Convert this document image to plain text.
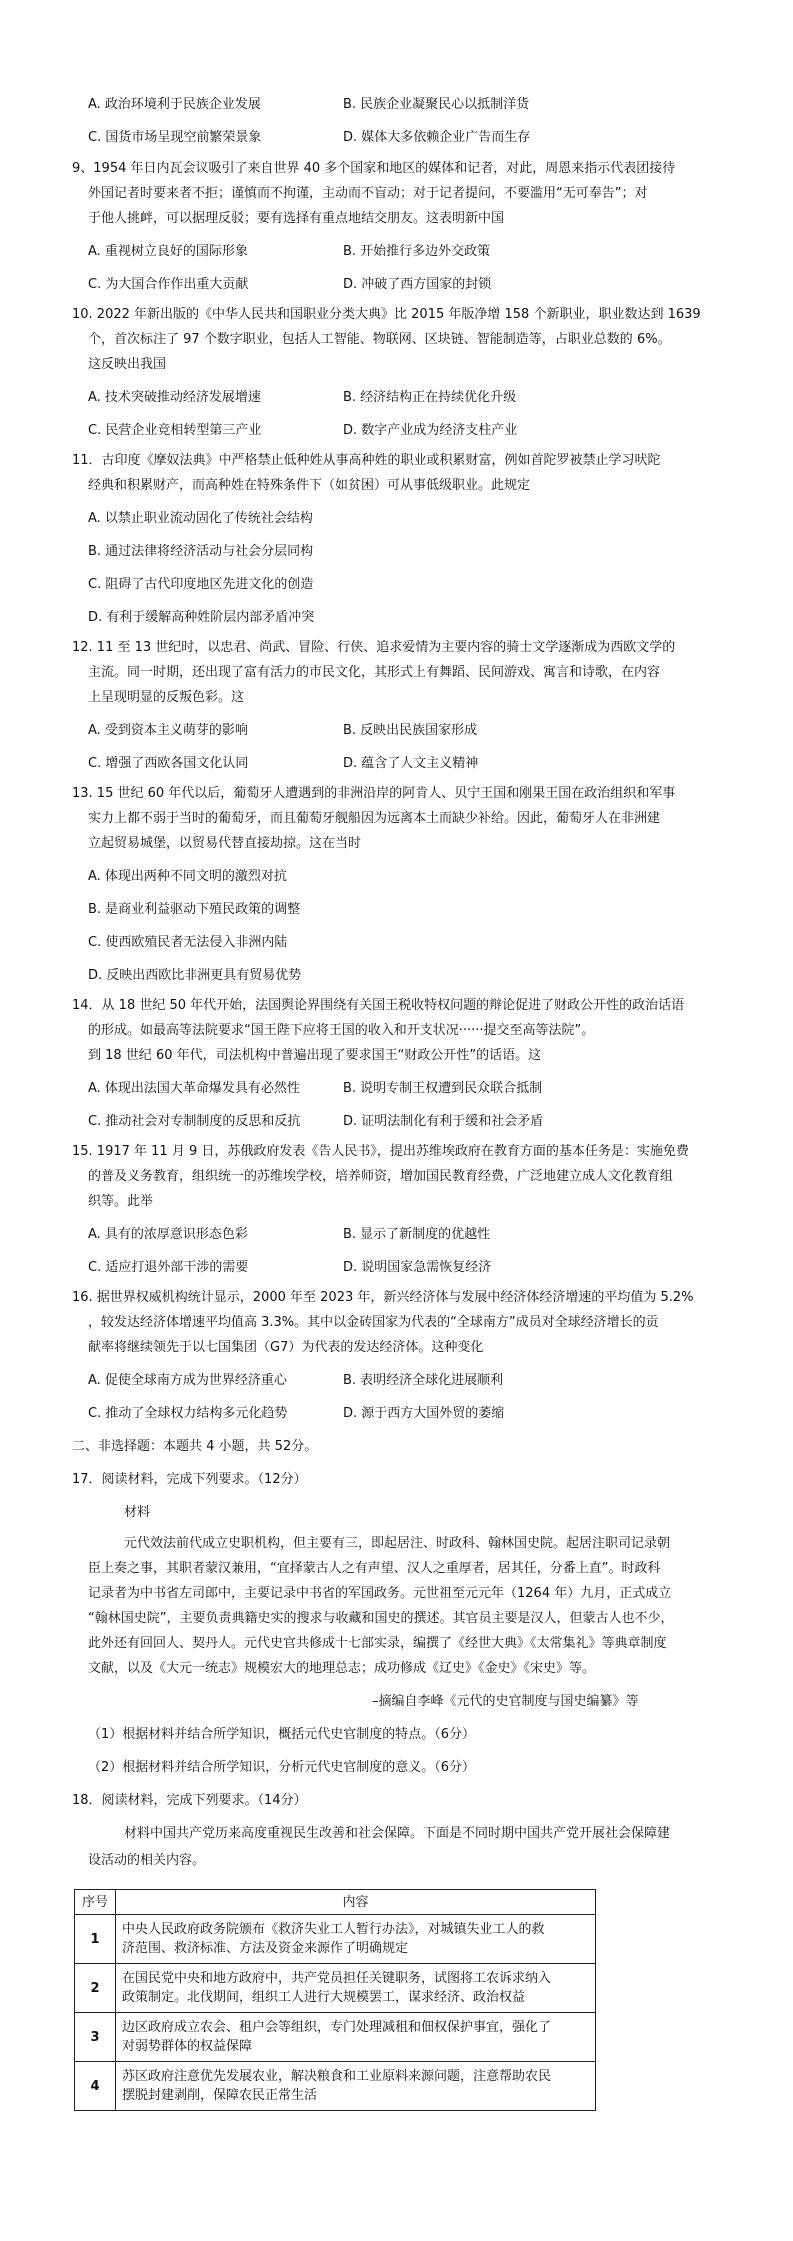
A. 政治环境利于民族企业发展	B. 民族企业凝聚民心以抵制洋货
C. 国货市场呈现空前繁荣景象	D. 媒体大多依赖企业广告而生存
9、1954 年日内瓦会议吸引了来自世界 40 多个国家和地区的媒体和记者，对此，周恩来指示代表团接待
外国记者时要来者不拒；谨慎而不拘谨，主动而不盲动；对于记者提问，不要滥用“无可奉告”；对
于他人挑衅，可以据理反驳；要有选择有重点地结交朋友。这表明新中国
A. 重视树立良好的国际形象	B. 开始推行多边外交政策
C. 为大国合作作出重大贡献	D. 冲破了西方国家的封锁
10. 2022 年新出版的《中华人民共和国职业分类大典》比 2015 年版净增 158 个新职业，职业数达到 1639
个，首次标注了 97 个数字职业，包括人工智能、物联网、区块链、智能制造等，占职业总数的 6%。
这反映出我国
A. 技术突破推动经济发展增速	B. 经济结构正在持续优化升级
C. 民营企业竞相转型第三产业	D. 数字产业成为经济支柱产业
11．古印度《摩奴法典》中严格禁止低种姓从事高种姓的职业或积累财富，例如首陀罗被禁止学习吠陀
经典和积累财产，而高种姓在特殊条件下（如贫困）可从事低级职业。此规定
A. 以禁止职业流动固化了传统社会结构
B. 通过法律将经济活动与社会分层同构
C. 阻碍了古代印度地区先进文化的创造
D. 有利于缓解高种姓阶层内部矛盾冲突
12. 11 至 13 世纪时，以忠君、尚武、冒险、行侠、追求爱情为主要内容的骑士文学逐渐成为西欧文学的
主流。同一时期，还出现了富有活力的市民文化，其形式上有舞蹈、民间游戏、寓言和诗歌，在内容
上呈现明显的反叛色彩。这
A. 受到资本主义萌芽的影响	B. 反映出民族国家形成
C. 增强了西欧各国文化认同	D. 蕴含了人文主义精神
13. 15 世纪 60 年代以后，葡萄牙人遭遇到的非洲沿岸的阿肯人、贝宁王国和刚果王国在政治组织和军事
实力上都不弱于当时的葡萄牙，而且葡萄牙舰船因为远离本土而缺少补给。因此，葡萄牙人在非洲建
立起贸易城堡，以贸易代替直接劫掠。这在当时
A. 体现出两种不同文明的激烈对抗
B. 是商业利益驱动下殖民政策的调整
C. 使西欧殖民者无法侵入非洲内陆
D. 反映出西欧比非洲更具有贸易优势
14．从 18 世纪 50 年代开始，法国舆论界围绕有关国王税收特权问题的辩论促进了财政公开性的政治话语
的形成。如最高等法院要求“国王陛下应将王国的收入和开支状况······提交至高等法院”。
到 18 世纪 60 年代，司法机构中普遍出现了要求国王“财政公开性”的话语。这
A. 体现出法国大革命爆发具有必然性	B. 说明专制王权遭到民众联合抵制
C. 推动社会对专制制度的反思和反抗	D. 证明法制化有利于缓和社会矛盾
15. 1917 年 11 月 9 日，苏俄政府发表《告人民书》，提出苏维埃政府在教育方面的基本任务是：实施免费
的普及义务教育，组织统一的苏维埃学校，培养师资，增加国民教育经费，广泛地建立成人文化教育组
织等。此举
A. 具有的浓厚意识形态色彩	B. 显示了新制度的优越性
C. 适应打退外部干涉的需要	D. 说明国家急需恢复经济
16. 据世界权威机构统计显示，2000 年至 2023 年，新兴经济体与发展中经济体经济增速的平均值为 5.2%
，较发达经济体增速平均值高 3.3%。其中以金砖国家为代表的“全球南方”成员对全球经济增长的贡
献率将继续领先于以七国集团（G7）为代表的发达经济体。这种变化
A. 促使全球南方成为世界经济重心	B. 表明经济全球化进展顺利
C. 推动了全球权力结构多元化趋势	D. 源于西方大国外贸的萎缩
二、非选择题：本题共 4 小题，共 52分。
17．阅读材料，完成下列要求。（12分）
材料
元代效法前代成立史职机构，但主要有三，即起居注、时政科、翰林国史院。起居注职司记录朝
臣上奏之事，其职者蒙汉兼用，“宜择蒙古人之有声望、汉人之重厚者，居其任，分番上直”。时政科
记录者为中书省左司郎中，主要记录中书省的军国政务。元世祖至元元年（1264 年）九月，正式成立
“翰林国史院”，主要负责典籍史实的搜求与收藏和国史的撰述。其官员主要是汉人，但蒙古人也不少，
此外还有回回人、契丹人。元代史官共修成十七部实录，编撰了《经世大典》《太常集礼》等典章制度
文献，以及《大元一统志》规模宏大的地理总志；成功修成《辽史》《金史》《宋史》等。
–摘编自李峰《元代的史官制度与国史编纂》等
（1）根据材料并结合所学知识，概括元代史官制度的特点。（6分）
（2）根据材料并结合所学知识，分析元代史官制度的意义。（6分）
18．阅读材料，完成下列要求。（14分）
材料中国共产党历来高度重视民生改善和社会保障。下面是不同时期中国共产党开展社会保障建
设活动的相关内容。
序号	内容
1	中央人民政府政务院颁布《救济失业工人暂行办法》，对城镇失业工人的救
济范围、救济标准、方法及资金来源作了明确规定

2	在国民党中央和地方政府中，共产党员担任关键职务，试图将工农诉求纳入
政策制定。北伐期间，组织工人进行大规模罢工，谋求经济、政治权益

3	边区政府成立农会、租户会等组织，专门处理减租和佃权保护事宜，强化了
对弱势群体的权益保障

4	苏区政府注意优先发展农业，解决粮食和工业原料来源问题，注意帮助农民
摆脱封建剥削，保障农民正常生活
